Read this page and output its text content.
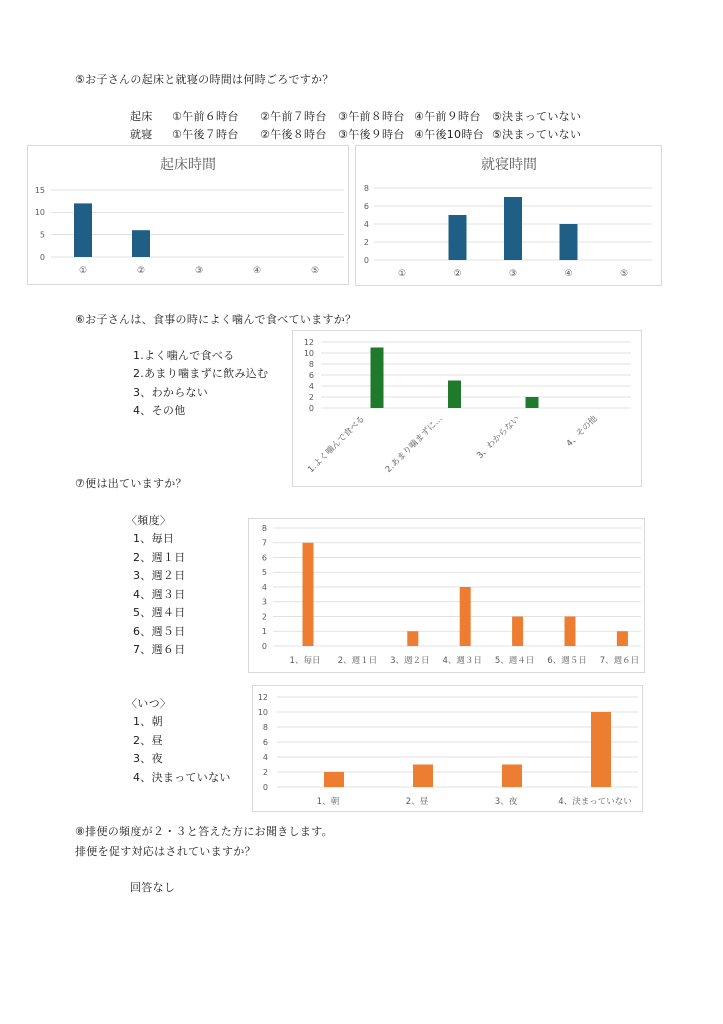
⑤お子さんの起床と就寝の時間は何時ごろですか？
起床 ①午前６時台 ②午前７時台 ③午前８時台 ④午前９時台 ⑤決まっていない
就寝 ①午後７時台 ②午後８時台 ③午後９時台 ④午後10時台 ⑤決まっていない
起床時間
0
5
10
15
①	②	③	④	⑤
就寝時間
0
2
4
6
8
①	②	③	④	⑤
⑥お子さんは、食事の時によく噛んで食べていますか？
1.よく噛んで食べる
2.あまり噛まずに飲み込む
3、わからない
4、その他	0
2
4
6
8
10
12
1.よく噛んで食べる 2.あまり噛まずに…	3、わからない	4、その他
⑦便は出ていますか？
〈頻度〉
1、毎日
2、週１日
3、週２日
4、週３日
5、週４日
6、週５日
7、週６日	0
1
2
3
4
5
6
7
8
1、毎日 2、週１日 3、週２日 4、週３日 5、週４日 6、週５日 7、週６日
〈いつ〉
1、朝
2、昼
3、夜
4、決まっていない
0
2
4
6
8
10
12
1、朝	2、昼	3、夜	4、決まっていない
⑧排便の頻度が２・３と答えた方にお聞きします。
排便を促す対応はされていますか？
回答なし
